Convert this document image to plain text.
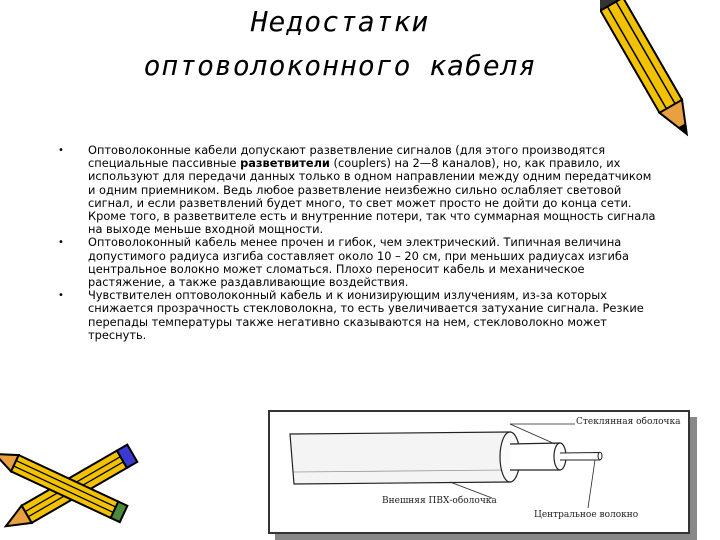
Недостатки
оптоволоконного кабеля
• Оптоволоконные кабели допускают разветвление сигналов (для этого производятся специальные пассивные разветвители (couplers) на 2—8 каналов), но, как правило, их используют для передачи данных только в одном направлении между одним передатчиком и одним приемником. Ведь любое разветвление неизбежно сильно ослабляет световой сигнал, и если разветвлений будет много, то свет может просто не дойти до конца сети. Кроме того, в разветвителе есть и внутренние потери, так что суммарная мощность сигнала на выходе меньше входной мощности.
• Оптоволоконный кабель менее прочен и гибок, чем электрический. Типичная величина допустимого радиуса изгиба составляет около 10 – 20 см, при меньших радиусах изгиба центральное волокно может сломаться. Плохо переносит кабель и механическое растяжение, а также раздавливающие воздействия.
• Чувствителен оптоволоконный кабель и к ионизирующим излучениям, из-за которых снижается прозрачность стекловолокна, то есть увеличивается затухание сигнала. Резкие перепады температуры также негативно сказываются на нем, стекловолокно может треснуть.
Стеклянная оболочка
Внешняя ПВХ-оболочка
Центральное волокно
